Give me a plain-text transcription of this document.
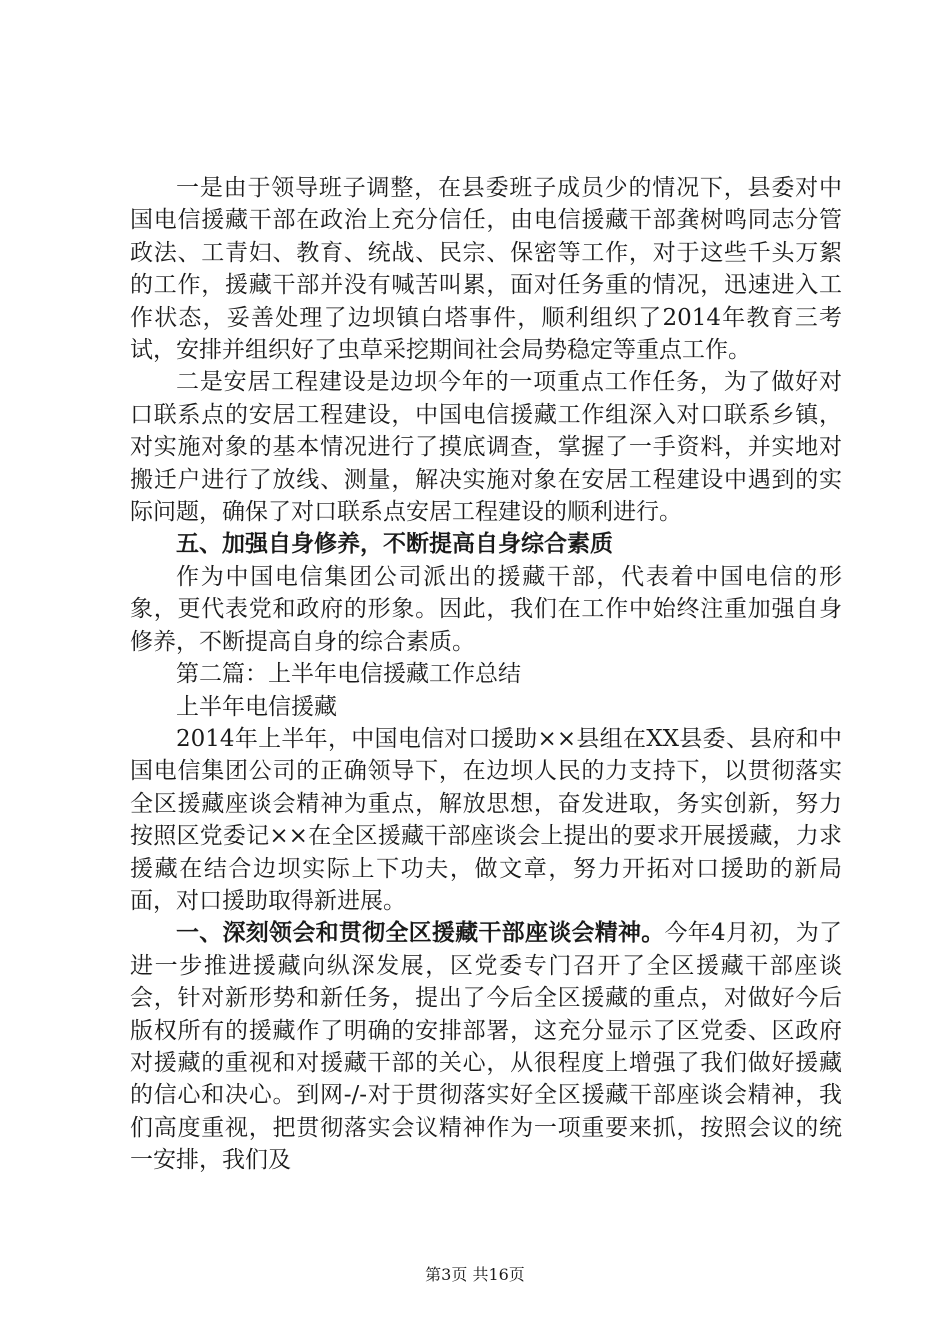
一是由于领导班子调整，在县委班子成员少的情况下，县委对中国电信援藏干部在政治上充分信任，由电信援藏干部龚树鸣同志分管政法、工青妇、教育、统战、民宗、保密等工作，对于这些千头万絮的工作，援藏干部并没有喊苦叫累，面对任务重的情况，迅速进入工作状态，妥善处理了边坝镇白塔事件，顺利组织了2014年教育三考试，安排并组织好了虫草采挖期间社会局势稳定等重点工作。

二是安居工程建设是边坝今年的一项重点工作任务，为了做好对口联系点的安居工程建设，中国电信援藏工作组深入对口联系乡镇，对实施对象的基本情况进行了摸底调查，掌握了一手资料，并实地对搬迁户进行了放线、测量，解决实施对象在安居工程建设中遇到的实际问题，确保了对口联系点安居工程建设的顺利进行。

五、加强自身修养，不断提高自身综合素质

作为中国电信集团公司派出的援藏干部，代表着中国电信的形象，更代表党和政府的形象。因此，我们在工作中始终注重加强自身修养，不断提高自身的综合素质。

第二篇：上半年电信援藏工作总结

上半年电信援藏

2014年上半年，中国电信对口援助××县组在XX县委、县府和中国电信集团公司的正确领导下，在边坝人民的力支持下，以贯彻落实全区援藏座谈会精神为重点，解放思想，奋发进取，务实创新，努力按照区党委记××在全区援藏干部座谈会上提出的要求开展援藏，力求援藏在结合边坝实际上下功夫，做文章，努力开拓对口援助的新局面，对口援助取得新进展。

一、深刻领会和贯彻全区援藏干部座谈会精神。今年4月初，为了进一步推进援藏向纵深发展，区党委专门召开了全区援藏干部座谈会，针对新形势和新任务，提出了今后全区援藏的重点，对做好今后版权所有的援藏作了明确的安排部署，这充分显示了区党委、区政府对援藏的重视和对援藏干部的关心，从很程度上增强了我们做好援藏的信心和决心。到网-/-对于贯彻落实好全区援藏干部座谈会精神，我们高度重视，把贯彻落实会议精神作为一项重要来抓，按照会议的统一安排，我们及

第3页 共16页
